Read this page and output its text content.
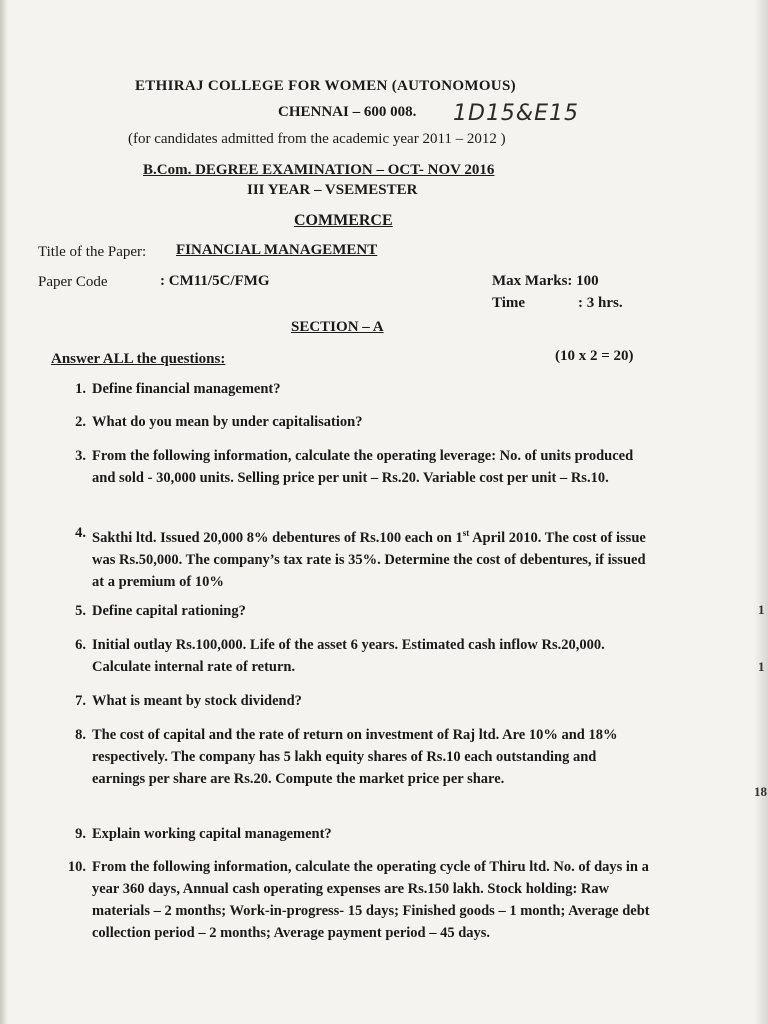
ETHIRAJ COLLEGE FOR WOMEN (AUTONOMOUS)
CHENNAI – 600 008. 1D15&E15
(for candidates admitted from the academic year 2011 – 2012 )
B.Com. DEGREE EXAMINATION – OCT- NOV 2016
III YEAR – VSEMESTER
COMMERCE
Title of the Paper: FINANCIAL MANAGEMENT
Paper Code	: CM11/5C/FMG	Max Marks: 100
Time	: 3 hrs.
SECTION – A
Answer ALL the questions:	(10 x 2 = 20)
1. Define financial management?
2. What do you mean by under capitalisation?
3. From the following information, calculate the operating leverage: No. of units produced and sold - 30,000 units. Selling price per unit – Rs.20. Variable cost per unit – Rs.10.
4. Sakthi ltd. Issued 20,000 8% debentures of Rs.100 each on 1st April 2010. The cost of issue was Rs.50,000. The company’s tax rate is 35%. Determine the cost of debentures, if issued at a premium of 10%
5. Define capital rationing?
6. Initial outlay Rs.100,000. Life of the asset 6 years. Estimated cash inflow Rs.20,000. Calculate internal rate of return.
7. What is meant by stock dividend?
8. The cost of capital and the rate of return on investment of Raj ltd. Are 10% and 18% respectively. The company has 5 lakh equity shares of Rs.10 each outstanding and earnings per share are Rs.20. Compute the market price per share.
9. Explain working capital management?
10. From the following information, calculate the operating cycle of Thiru ltd. No. of days in a year 360 days, Annual cash operating expenses are Rs.150 lakh. Stock holding: Raw materials – 2 months; Work-in-progress- 15 days; Finished goods – 1 month; Average debt collection period – 2 months; Average payment period – 45 days.
1
1
18
